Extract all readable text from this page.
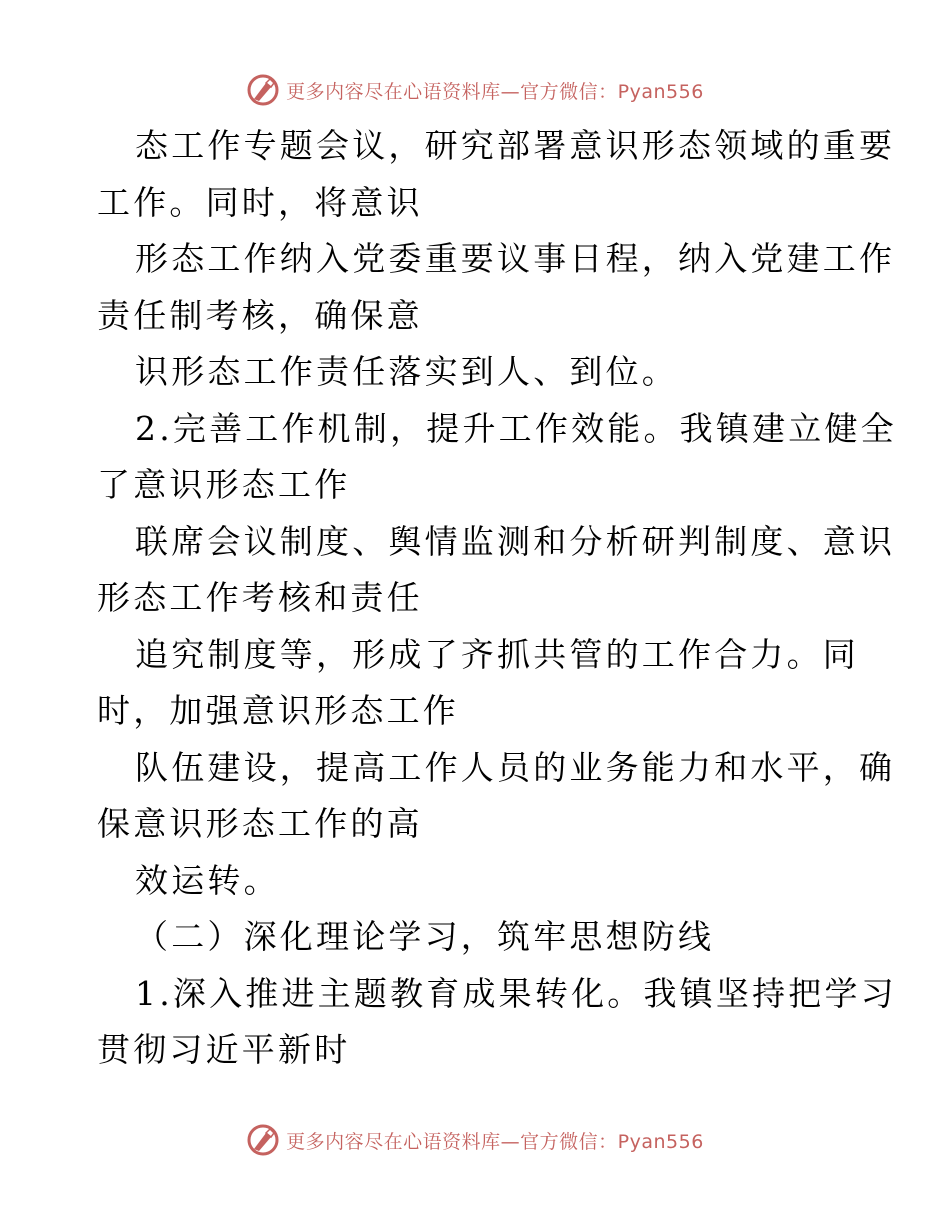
更多内容尽在心语资料库—官方微信：Pyan556
态工作专题会议，研究部署意识形态领域的重要
工作。同时，将意识
形态工作纳入党委重要议事日程，纳入党建工作
责任制考核，确保意
识形态工作责任落实到人、到位。
2.完善工作机制，提升工作效能。我镇建立健全
了意识形态工作
联席会议制度、舆情监测和分析研判制度、意识
形态工作考核和责任
追究制度等，形成了齐抓共管的工作合力。同
时，加强意识形态工作
队伍建设，提高工作人员的业务能力和水平，确
保意识形态工作的高
效运转。
（二）深化理论学习，筑牢思想防线
1.深入推进主题教育成果转化。我镇坚持把学习
贯彻习近平新时
更多内容尽在心语资料库—官方微信：Pyan556
